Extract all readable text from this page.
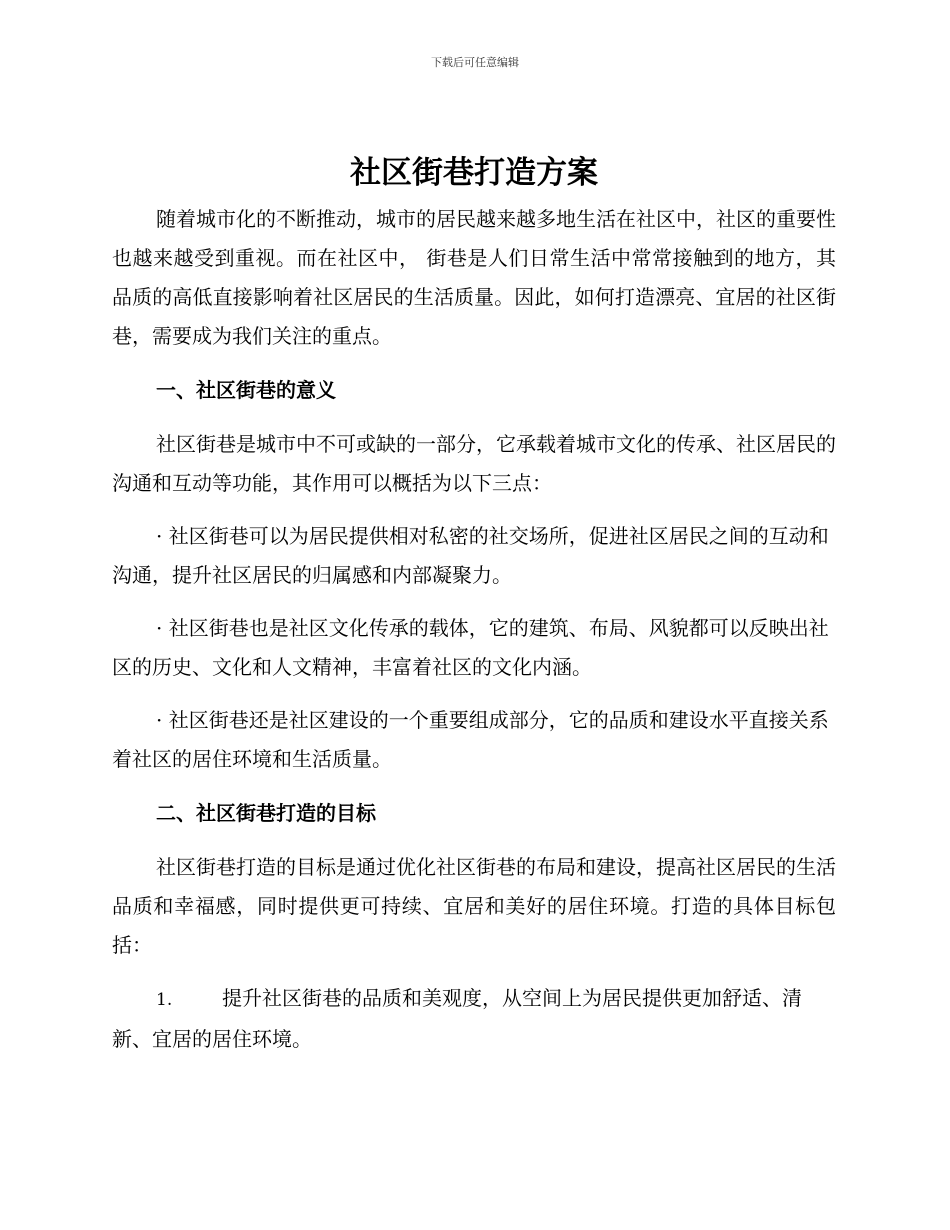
下载后可任意编辑
社区街巷打造方案

随着城市化的不断推动，城市的居民越来越多地生活在社区中，社区的重要性也越来越受到重视。而在社区中， 街巷是人们日常生活中常常接触到的地方，其品质的高低直接影响着社区居民的生活质量。因此，如何打造漂亮、宜居的社区街巷，需要成为我们关注的重点。

一、社区街巷的意义

社区街巷是城市中不可或缺的一部分，它承载着城市文化的传承、社区居民的沟通和互动等功能，其作用可以概括为以下三点：

· 社区街巷可以为居民提供相对私密的社交场所，促进社区居民之间的互动和沟通，提升社区居民的归属感和内部凝聚力。

· 社区街巷也是社区文化传承的载体，它的建筑、布局、风貌都可以反映出社区的历史、文化和人文精神，丰富着社区的文化内涵。

· 社区街巷还是社区建设的一个重要组成部分，它的品质和建设水平直接关系着社区的居住环境和生活质量。

二、社区街巷打造的目标

社区街巷打造的目标是通过优化社区街巷的布局和建设，提高社区居民的生活品质和幸福感，同时提供更可持续、宜居和美好的居住环境。打造的具体目标包括：

1. 提升社区街巷的品质和美观度，从空间上为居民提供更加舒适、清新、宜居的居住环境。
